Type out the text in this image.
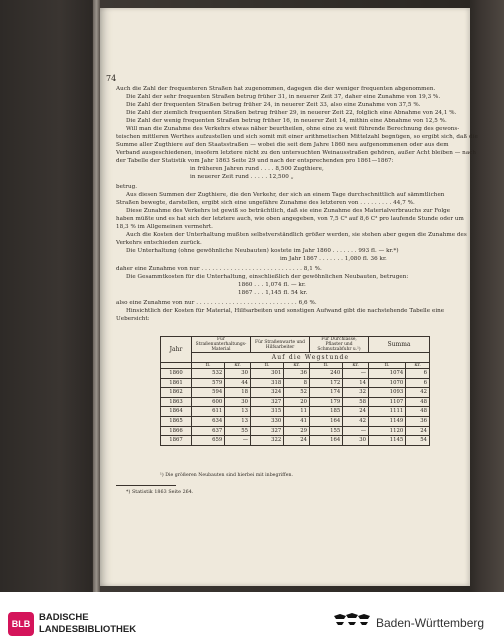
74
Auch die Zahl der frequenteren Straßen hat zugenommen, dagegen die der weniger frequenten abgenommen.
Die Zahl der sehr frequenten Straßen betrug früher 31, in neuerer Zeit 37, daher eine Zunahme von 19,3 %.
Die Zahl der frequenten Straßen betrug früher 24, in neuerer Zeit 33, also eine Zunahme von 37,5 %.
Die Zahl der ziemlich frequenten Straßen betrug früher 29, in neuerer Zeit 22, folglich eine Abnahme von 24,1 %.
Die Zahl der wenig frequenten Straßen betrug früher 16, in neuerer Zeit 14, mithin eine Abnahme von 12,5 %.
Will man die Zunahme des Verkehrs etwas näher beurtheilen, ohne eine zu weit führende Berechnung des gewons-
teischen mittleren Werthes aufzustellen und sich somit mit einer arithmetischen Mittelzahl begnügen, so ergibt sich, daß die
Summe aller Zugthiere auf den Staatsstraßen — wobei die seit dem Jahre 1860 neu aufgenommenen oder aus dem
Verband ausgeschiedenen, insofern letztere nicht zu den untersuchten Weinausstraßen gehören, außer Acht bleiben — nach
der Tabelle der Statistik vom Jahr 1863 Seite 29 und nach der entsprechenden pro 1861—1867:
in früheren Jahren rund . . . . 8,500 Zugthiere,
in neuerer Zeit rund . . . . . 12,500 „
betrug.
Aus diesen Summen der Zugthiere, die den Verkehr, der sich an einem Tage durchschnittlich auf sämmtlichen
Straßen bewegte, darstellen, ergibt sich eine ungefähre Zunahme des letzteren von . . . . . . . . . 44,7 %.
Diese Zunahme des Verkehrs ist gewiß so beträchtlich, daß sie eine Zunahme des Materialverbrauchs zur Folge
haben müßte und es hat sich der letztere auch, wie oben angegeben, von 7,5 C³ auf 8,6 C³ pro laufende Stunde oder um
18,3 % im Allgemeinen vermehrt.
Auch die Kosten der Unterhaltung mußten selbstverständlich größer werden, sie stehen aber gegen die Zunahme des
Verkehrs entschieden zurück.
Die Unterhaltung (ohne gewöhnliche Neubauten) kostete im Jahr 1860 . . . . . . . 993 fl. — kr.*)
im Jahr 1867 . . . . . . . 1,080 fl. 36 kr.
daher eine Zunahme von nur . . . . . . . . . . . . . . . . . . . . . . . . . . . . 8,1 %.
Die Gesammtkosten für die Unterhaltung, einschließlich der gewöhnlichen Neubauten, betrugen:
1860 . . . 1,074 fl. — kr.
1867 . . . 1,145 fl. 54 kr.
also eine Zunahme von nur . . . . . . . . . . . . . . . . . . . . . . . . . . . . 6,6 %.
Hinsichtlich der Kosten für Material, Hilfsarbeiten und sonstigen Aufwand gibt die nachstehende Tabelle eine
Uebersicht:
Jahr	Für Straßenunterhaltungs-Material		Für Straßenwarte und Hilfsarbeiter		Für Durchlässe, Pflaster und Schmutzabfuhr u.¹)		Summa	
	Auf die Wegstunde							
	fl.	kr.	fl.	kr.	fl.	kr.	fl.	kr.
1860	532	30	301	36	240	—	1074	6
1861	579	44	318	8	172	14	1070	6
1862	594	18	324	52	174	32	1093	42
1863	600	30	327	20	179	58	1107	48
1864	611	13	315	11	185	24	1111	48
1865	634	13	330	41	164	42	1149	36
1866	637	55	327	29	155	—	1120	24
1867	659	—	322	24	164	30	1145	54
¹) Die größeren Neubauten sind hierbei mit inbegriffen.
*) Statistik 1863 Seite 264.
BLB
BADISCHE
LANDESBIBLIOTHEK	Baden-Württemberg
